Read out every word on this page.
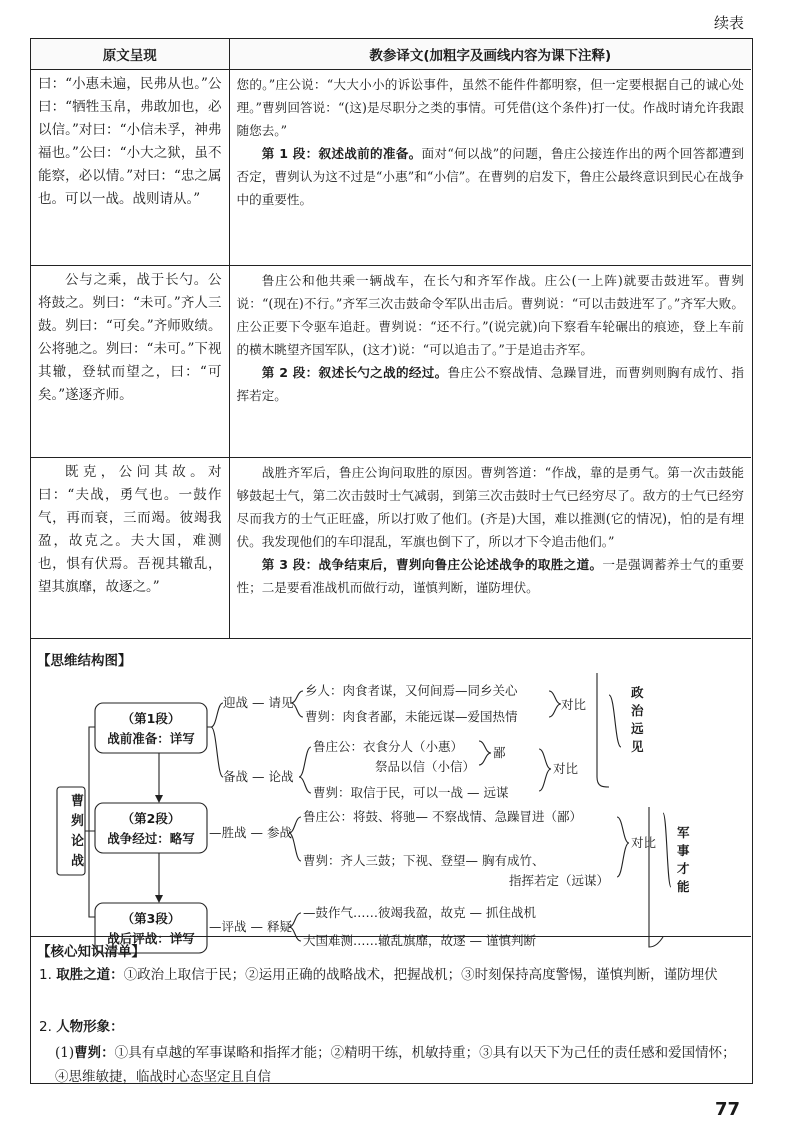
续表
原文呈现	教参译文(加粗字及画线内容为课下注释)
曰：“小惠未遍，民弗从也。”公曰：“牺牲玉帛，弗敢加也，必以信。”对曰：“小信未孚，神弗福也。”公曰：“小大之狱，虽不能察，必以情。”对曰：“忠之属也。可以一战。战则请从。”	您的。”庄公说：“大大小小的诉讼事件，虽然不能件件都明察，但一定要根据自己的诚心处理。”曹刿回答说：“(这)是尽职分之类的事情。可凭借(这个条件)打一仗。作战时请允许我跟随您去。”

第 1 段：叙述战前的准备。面对“何以战”的问题，鲁庄公接连作出的两个回答都遭到否定，曹刿认为这不过是“小惠”和“小信”。在曹刿的启发下，鲁庄公最终意识到民心在战争中的重要性。

公与之乘，战于长勺。公将鼓之。刿曰：“未可。”齐人三鼓。刿曰：“可矣。”齐师败绩。公将驰之。刿曰：“未可。”下视其辙，登轼而望之，曰：“可矣。”遂逐齐师。	鲁庄公和他共乘一辆战车，在长勺和齐军作战。庄公(一上阵)就要击鼓进军。曹刿说：“(现在)不行。”齐军三次击鼓命令军队出击后。曹刿说：“可以击鼓进军了。”齐军大败。庄公正要下令驱车追赶。曹刿说：“还不行。”(说完就)向下察看车轮碾出的痕迹，登上车前的横木眺望齐国军队，(这才)说：“可以追击了。”于是追击齐军。

第 2 段：叙述长勺之战的经过。鲁庄公不察战情、急躁冒进，而曹刿则胸有成竹、指挥若定。

既克，公问其故。对曰：“夫战，勇气也。一鼓作气，再而衰，三而竭。彼竭我盈，故克之。夫大国，难测也，惧有伏焉。吾视其辙乱，望其旗靡，故逐之。”	战胜齐军后，鲁庄公询问取胜的原因。曹刿答道：“作战，靠的是勇气。第一次击鼓能够鼓起士气，第二次击鼓时士气减弱，到第三次击鼓时士气已经穷尽了。敌方的士气已经穷尽而我方的士气正旺盛，所以打败了他们。(齐是)大国，难以推测(它的情况)，怕的是有埋伏。我发现他们的车印混乱，军旗也倒下了，所以才下令追击他们。”

第 3 段：战争结束后，曹刿向鲁庄公论述战争的取胜之道。一是强调蓄养士气的重要性；二是要看准战机而做行动，谨慎判断，谨防埋伏。

【思维结构图】
曹刿论战
（第1段）
战前准备：详写
（第2段）
战争经过：略写
（第3段）
战后评战：详写
迎战 — 请见
乡人：肉食者谋，又何间焉—同乡关心
曹刿：肉食者鄙，未能远谋—爱国热情
对比
备战 — 论战
鲁庄公：衣食分人（小惠）
祭品以信（小信）
鄙
曹刿：取信于民，可以一战 — 远谋
对比
政治远见
—胜战 — 参战
鲁庄公：将鼓、将驰— 不察战情、急躁冒进（鄙）
曹刿：齐人三鼓；下视、登望— 胸有成竹、
指挥若定（远谋）
对比
军事才能
—评战 — 释疑
—鼓作气……彼竭我盈，故克 — 抓住战机
大国难测……辙乱旗靡，故逐 — 谨慎判断
【核心知识清单】
1. 取胜之道：①政治上取信于民；②运用正确的战略战术，把握战机；③时刻保持高度警惕，谨慎判断，谨防埋伏
2. 人物形象：
(1)曹刿：①具有卓越的军事谋略和指挥才能；②精明干练，机敏持重；③具有以天下为己任的责任感和爱国情怀；④思维敏捷，临战时心态坚定且自信
77
